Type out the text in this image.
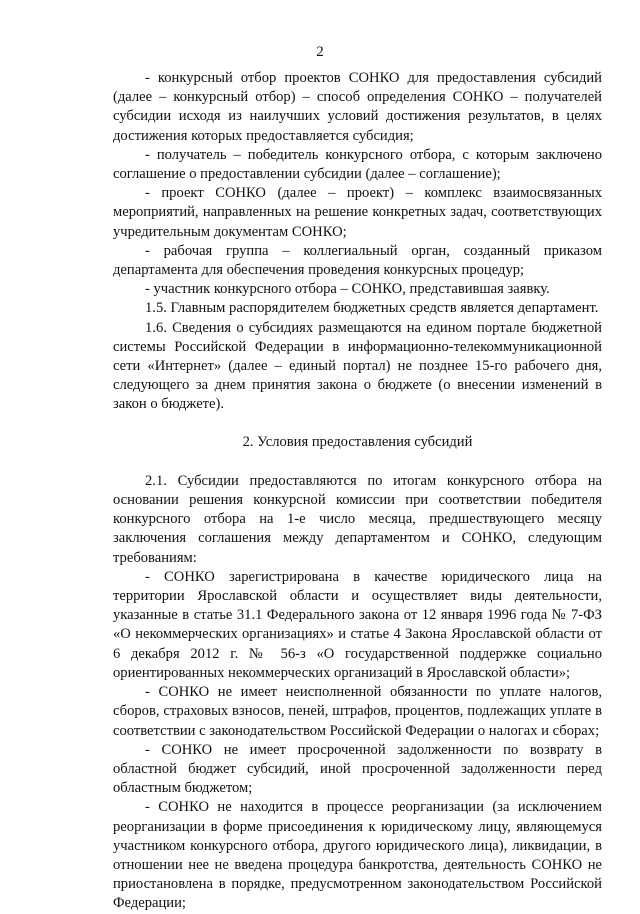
2

- конкурсный отбор проектов СОНКО для предоставления субсидий (далее – конкурсный отбор) – способ определения СОНКО – получателей субсидии исходя из наилучших условий достижения результатов, в целях достижения которых предоставляется субсидия;

- получатель – победитель конкурсного отбора, с которым заключено соглашение о предоставлении субсидии (далее – соглашение);

- проект СОНКО (далее – проект) – комплекс взаимосвязанных мероприятий, направленных на решение конкретных задач, соответствующих учредительным документам СОНКО;

- рабочая группа – коллегиальный орган, созданный приказом департамента для обеспечения проведения конкурсных процедур;

- участник конкурсного отбора – СОНКО, представившая заявку.

1.5. Главным распорядителем бюджетных средств является департамент.

1.6. Сведения о субсидиях размещаются на едином портале бюджетной системы Российской Федерации в информационно-телекоммуникационной сети «Интернет» (далее – единый портал) не позднее 15-го рабочего дня, следующего за днем принятия закона о бюджете (о внесении изменений в закон о бюджете).

2. Условия предоставления субсидий

2.1. Субсидии предоставляются по итогам конкурсного отбора на основании решения конкурсной комиссии при соответствии победителя конкурсного отбора на 1-е число месяца, предшествующего месяцу заключения соглашения между департаментом и СОНКО, следующим требованиям:

- СОНКО зарегистрирована в качестве юридического лица на территории Ярославской области и осуществляет виды деятельности, указанные в статье 31.1 Федерального закона от 12 января 1996 года № 7-ФЗ «О некоммерческих организациях» и статье 4 Закона Ярославской области от 6 декабря 2012 г. № 56-з «О государственной поддержке социально ориентированных некоммерческих организаций в Ярославской области»;

- СОНКО не имеет неисполненной обязанности по уплате налогов, сборов, страховых взносов, пеней, штрафов, процентов, подлежащих уплате в соответствии с законодательством Российской Федерации о налогах и сборах;

- СОНКО не имеет просроченной задолженности по возврату в областной бюджет субсидий, иной просроченной задолженности перед областным бюджетом;

- СОНКО не находится в процессе реорганизации (за исключением реорганизации в форме присоединения к юридическому лицу, являющемуся участником конкурсного отбора, другого юридического лица), ликвидации, в отношении нее не введена процедура банкротства, деятельность СОНКО не приостановлена в порядке, предусмотренном законодательством Российской Федерации;
